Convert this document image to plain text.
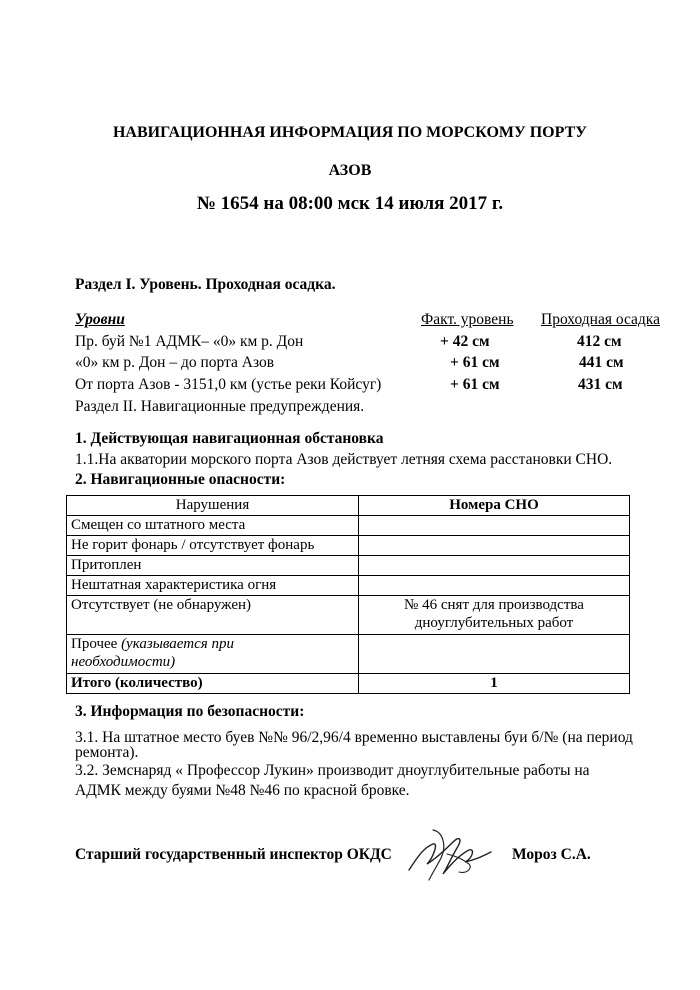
НАВИГАЦИОННАЯ ИНФОРМАЦИЯ ПО МОРСКОМУ ПОРТУ
АЗОВ
№ 1654 на 08:00 мск 14 июля 2017 г.
Раздел I. Уровень. Проходная осадка.
Уровни	Факт. уровень Проходная осадка
Пр. буй №1 АДМК– «0» км р. Дон	+ 42 см	412 см
«0» км р. Дон – до порта Азов	+ 61 см	441 см
От порта Азов - 3151,0 км (устье реки Койсуг)	+ 61 см	431 см
Раздел II. Навигационные предупреждения.
1. Действующая навигационная обстановка
1.1.На акватории морского порта Азов действует летняя схема расстановки СНО.
2. Навигационные опасности:
Нарушения	Номера СНО
Смещен со штатного места	
Не горит фонарь / отсутствует фонарь	
Притоплен	
Нештатная характеристика огня	
Отсутствует (не обнаружен)	№ 46 снят для производства
дноуглубительных работ

Прочее (указывается при
необходимости)	

Итого (количество)	1
3. Информация по безопасности:
3.1. На штатное место буев №№ 96/2,96/4 временно выставлены буи б/№ (на период
ремонта).
3.2. Земснаряд « Профессор Лукин» производит дноуглубительные работы на
АДМК между буями №48 №46 по красной бровке.
Старший государственный инспектор ОКДС	Мороз С.А.
